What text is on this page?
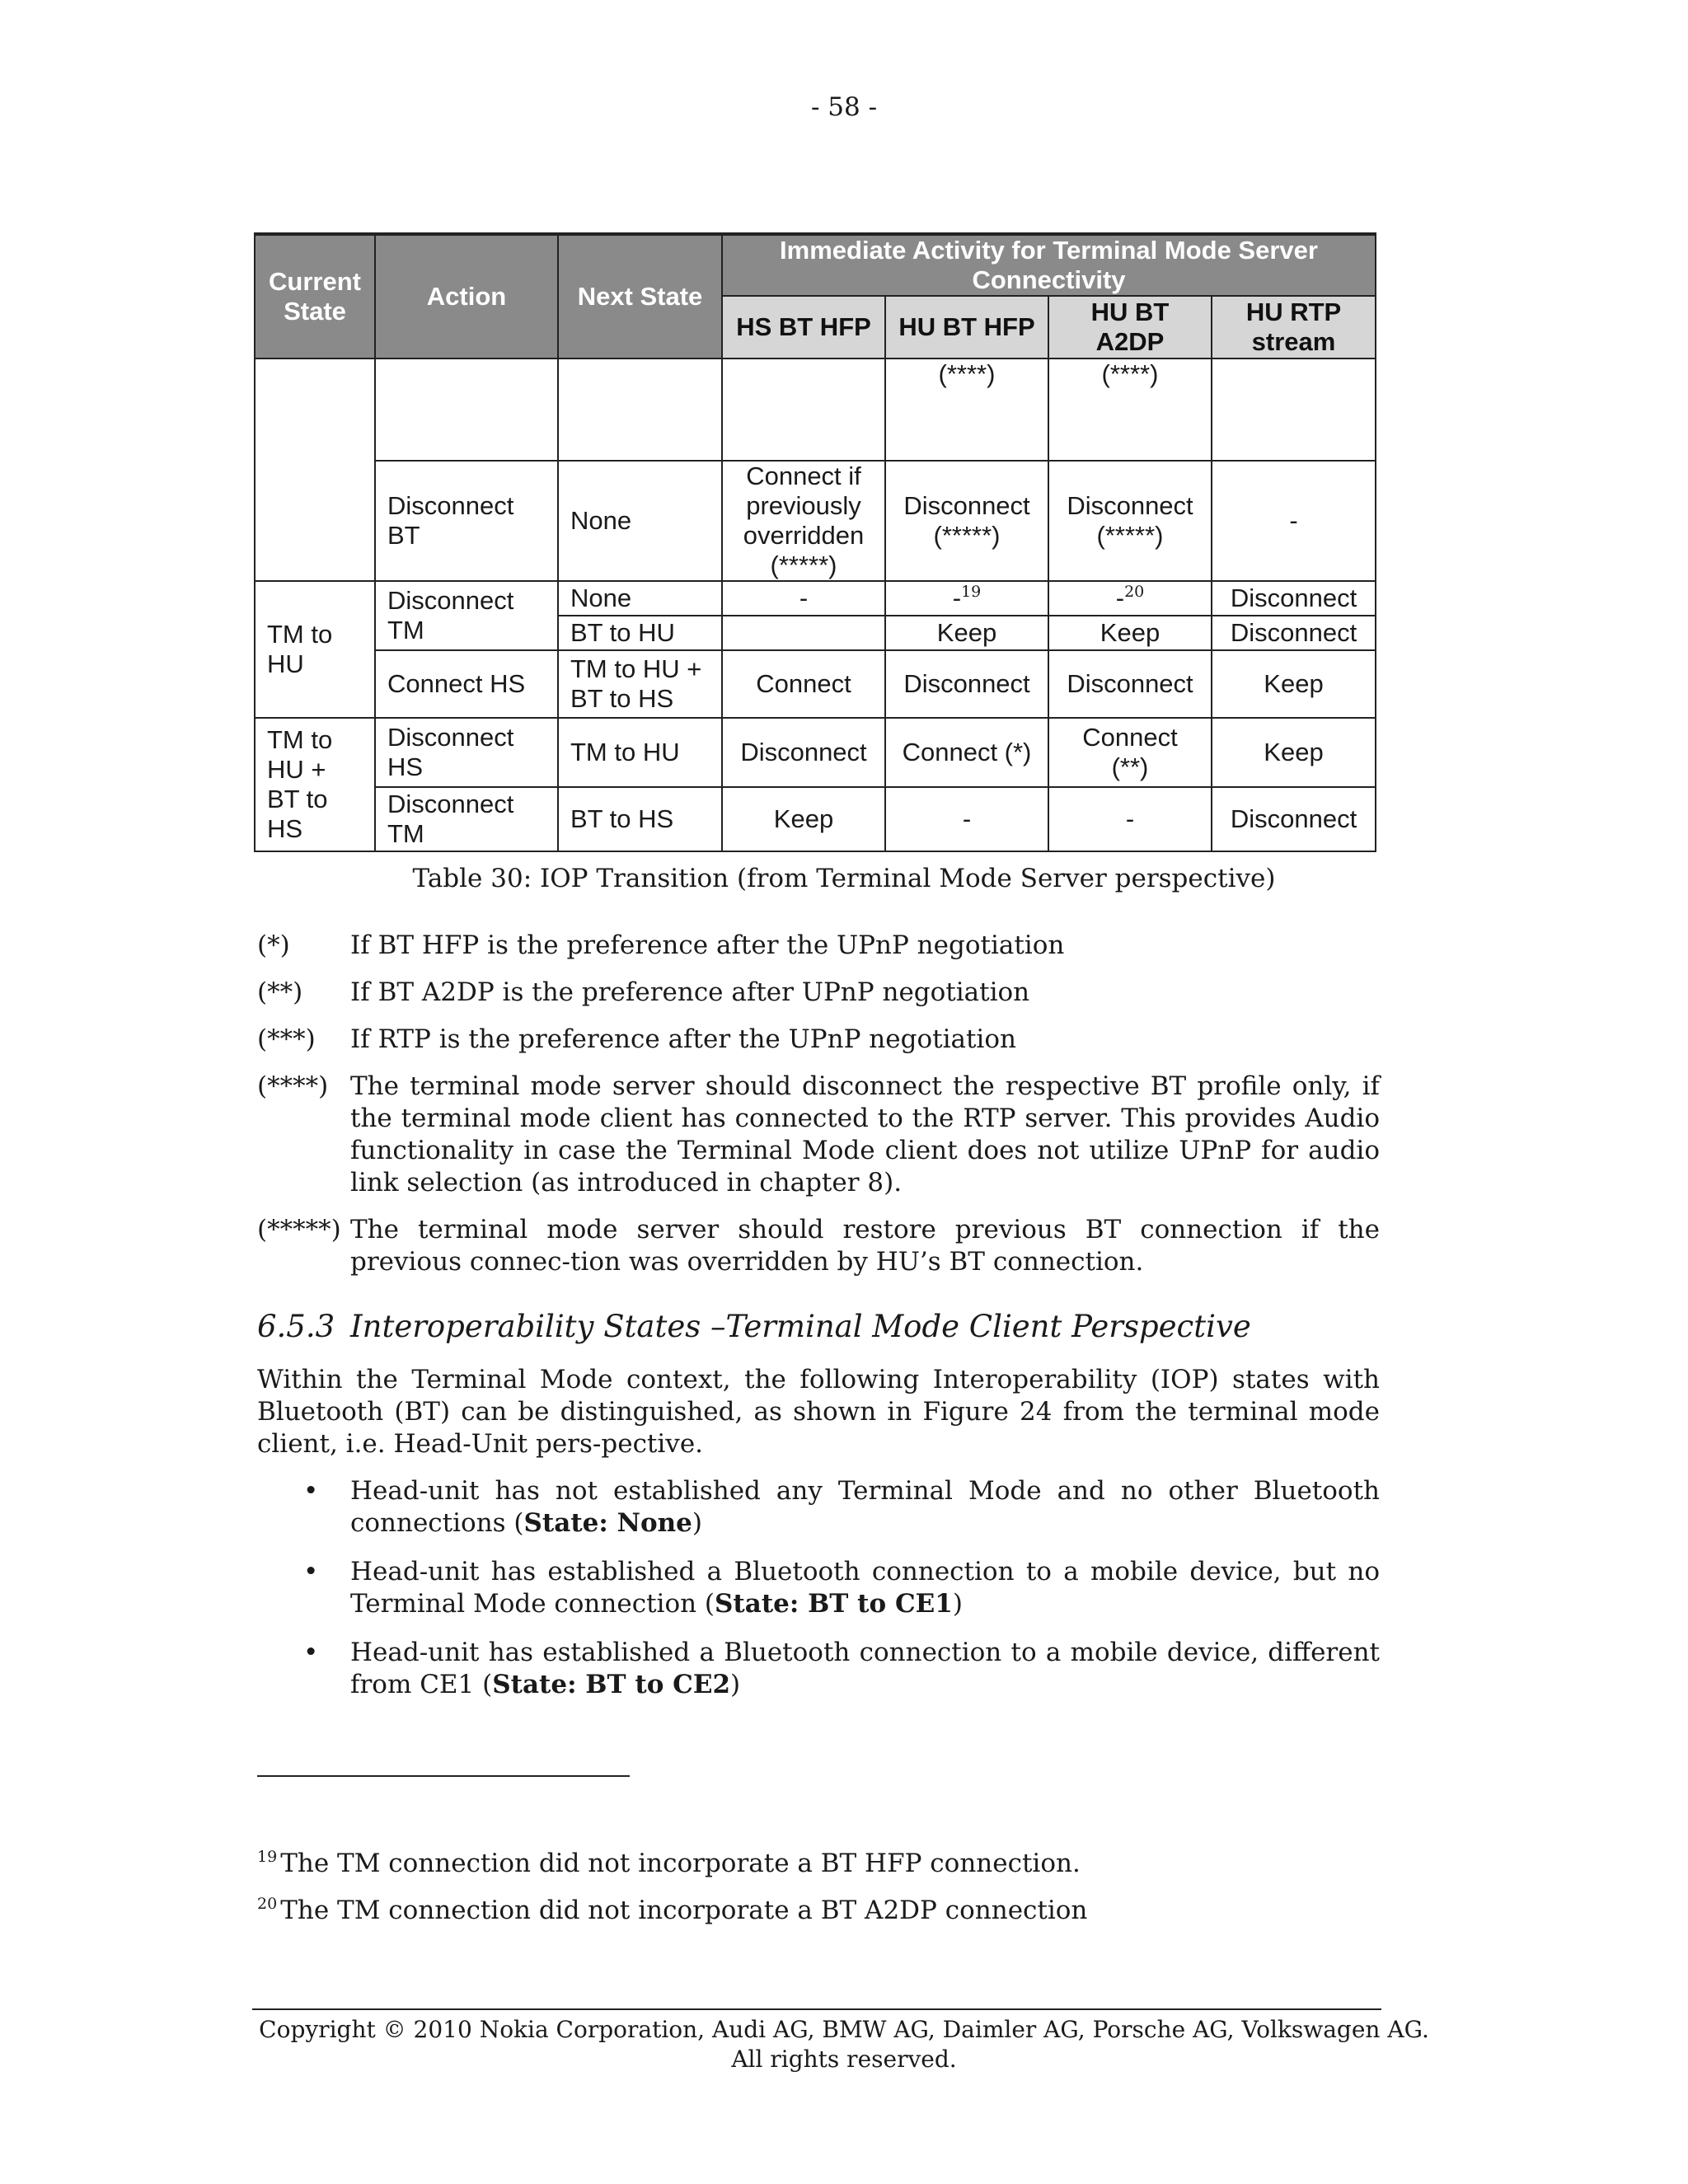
- 58 -
Current State	Action	Next State	Immediate Activity for Terminal Mode Server Connectivity			
			HS BT HFP	HU BT HFP	HU BT A2DP	HU RTP stream
				(****)	(****)	
	Disconnect BT	None	Connect if previously overridden (*****)	Disconnect (*****)	Disconnect (*****)	-
TM to HU	Disconnect TM	None	-	-$^{19}$	-$^{20}$	Disconnect
		BT to HU		Keep	Keep	Disconnect
	Connect HS	TM to HU + BT to HS	Connect	Disconnect	Disconnect	Keep
TM to HU + BT to HS	Disconnect HS	TM to HU	Disconnect	Connect (*)	Connect (**)	Keep
	Disconnect TM	BT to HS	Keep	-	-	Disconnect
Table 30: IOP Transition (from Terminal Mode Server perspective)
(*)	If BT HFP is the preference after the UPnP negotiation
(**)	If BT A2DP is the preference after UPnP negotiation
(***)	If RTP is the preference after the UPnP negotiation
(****) The terminal mode server should disconnect the respective BT profile only, if the terminal mode client has connected to the RTP server. This provides Audio functionality in case the Terminal Mode client does not utilize UPnP for audio link selection (as introduced in chapter 8).
(*****) The terminal mode server should restore previous BT connection if the previous connec-tion was overridden by HU’s BT connection.
6.5.3 Interoperability States –Terminal Mode Client Perspective
Within the Terminal Mode context, the following Interoperability (IOP) states with Bluetooth (BT) can be distinguished, as shown in Figure 24 from the terminal mode client, i.e. Head-Unit pers-pective.
•	Head-unit has not established any Terminal Mode and no other Bluetooth connections (State: None)
•	Head-unit has established a Bluetooth connection to a mobile device, but no Terminal Mode connection (State: BT to CE1)
•	Head-unit has established a Bluetooth connection to a mobile device, different from CE1 (State: BT to CE2)
$^{19}$ The TM connection did not incorporate a BT HFP connection.
$^{20}$ The TM connection did not incorporate a BT A2DP connection
Copyright © 2010 Nokia Corporation, Audi AG, BMW AG, Daimler AG, Porsche AG, Volkswagen AG.
All rights reserved.
